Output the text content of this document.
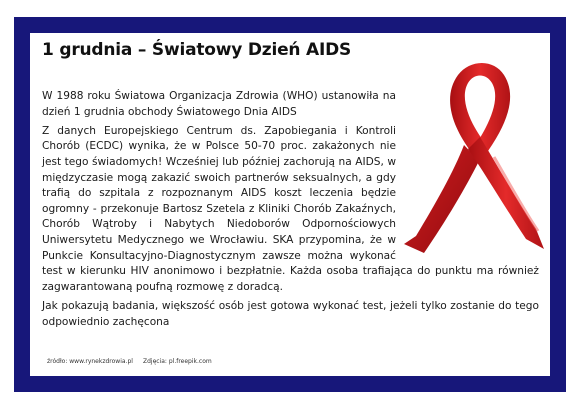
1 grudnia – Światowy Dzień AIDS

W 1988 roku Światowa Organizacja Zdrowia (WHO) ustanowiła na dzień 1 grudnia obchody Światowego Dnia AIDS

Z danych Europejskiego Centrum ds. Zapobiegania i Kontroli Chorób (ECDC) wynika, że w Polsce 50-70 proc. zakażonych nie jest tego świadomych! Wcześniej lub później zachorują na AIDS, w międzyczasie mogą zakazić swoich partnerów seksualnych, a gdy trafią do szpitala z rozpoznanym AIDS koszt leczenia będzie ogromny - przekonuje Bartosz Szetela z Kliniki Chorób Zakaźnych, Chorób Wątroby i Nabytych Niedoborów Odpornościowych Uniwersytetu Medycznego we Wrocławiu. SKA przypomina, że w Punkcie Konsultacyjno-Diagnostycznym zawsze można wykonać test w kierunku HIV anonimowo i bezpłatnie. Każda osoba trafiająca do punktu ma również zagwarantowaną poufną rozmowę z doradcą.

Jak pokazują badania, większość osób jest gotowa wykonać test, jeżeli tylko zostanie do tego odpowiednio zachęcona

źródło: www.rynekzdrowia.pl Zdjęcia: pl.freepik.com
